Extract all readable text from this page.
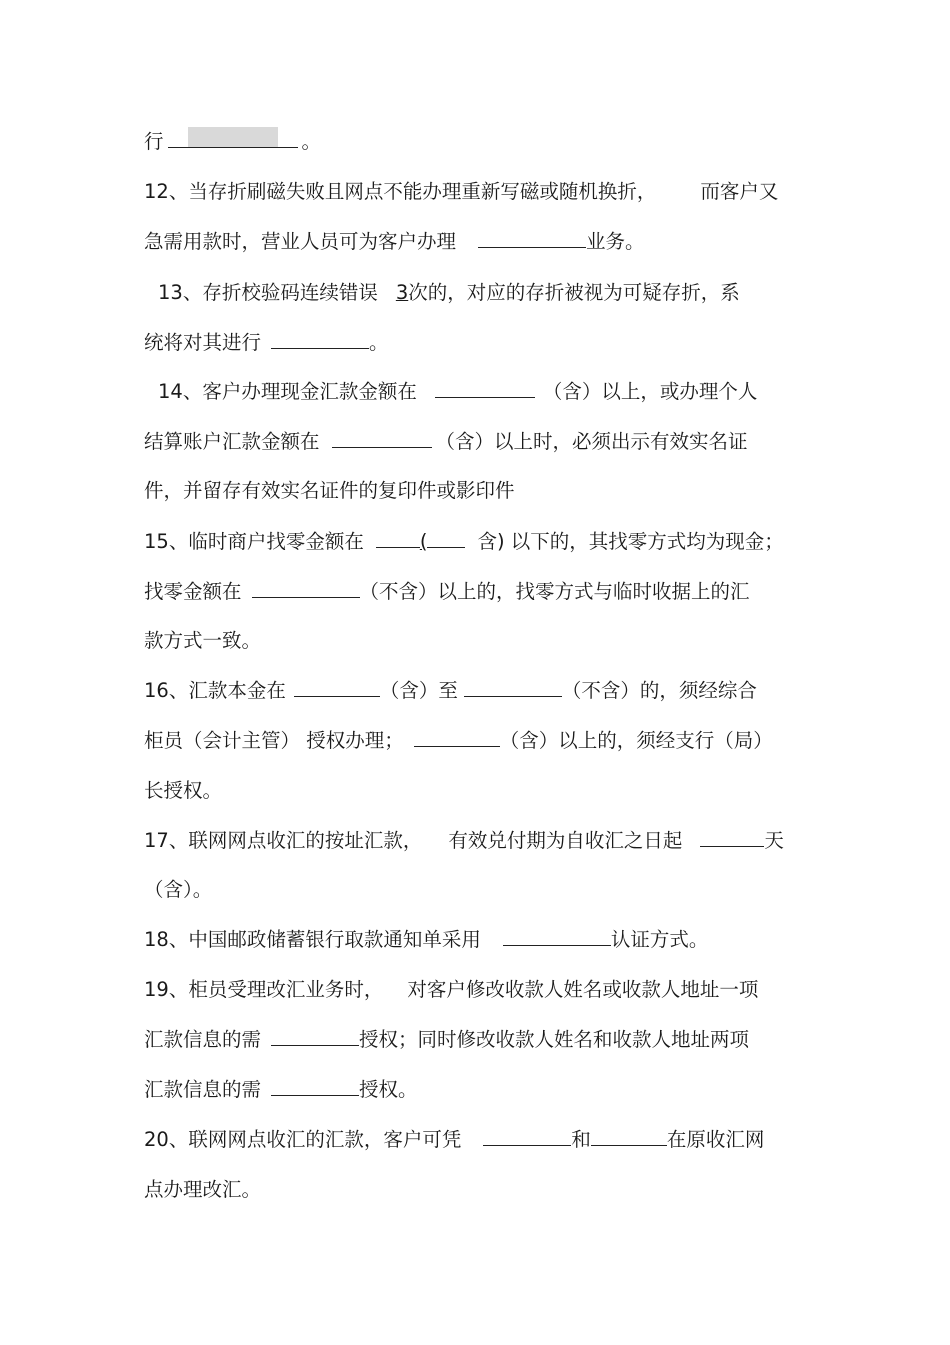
行	。
12、当存折刷磁失败且网点不能办理重新写磁或随机换折， 而客户又
急需用款时，营业人员可为客户办理	业务。
13、存折校验码连续错误 3次的，对应的存折被视为可疑存折，系
统将对其进行	。
14、客户办理现金汇款金额在	（含）以上，或办理个人
结算账户汇款金额在	（含）以上时，必须出示有效实名证
件，并留存有效实名证件的复印件或影印件
15、临时商户找零金额在	(	含) 以下的，其找零方式均为现金；
找零金额在	（不含）以上的，找零方式与临时收据上的汇
款方式一致。
16、汇款本金在	（含）至	（不含）的，须经综合
柜员（会计主管） 授权办理；	（含）以上的，须经支行（局）
长授权。
17、联网网点收汇的按址汇款， 有效兑付期为自收汇之日起	天
（含）。
18、中国邮政储蓄银行取款通知单采用	认证方式。
19、柜员受理改汇业务时， 对客户修改收款人姓名或收款人地址一项
汇款信息的需	授权；同时修改收款人姓名和收款人地址两项
汇款信息的需	授权。
20、联网网点收汇的汇款，客户可凭	和	在原收汇网
点办理改汇。
